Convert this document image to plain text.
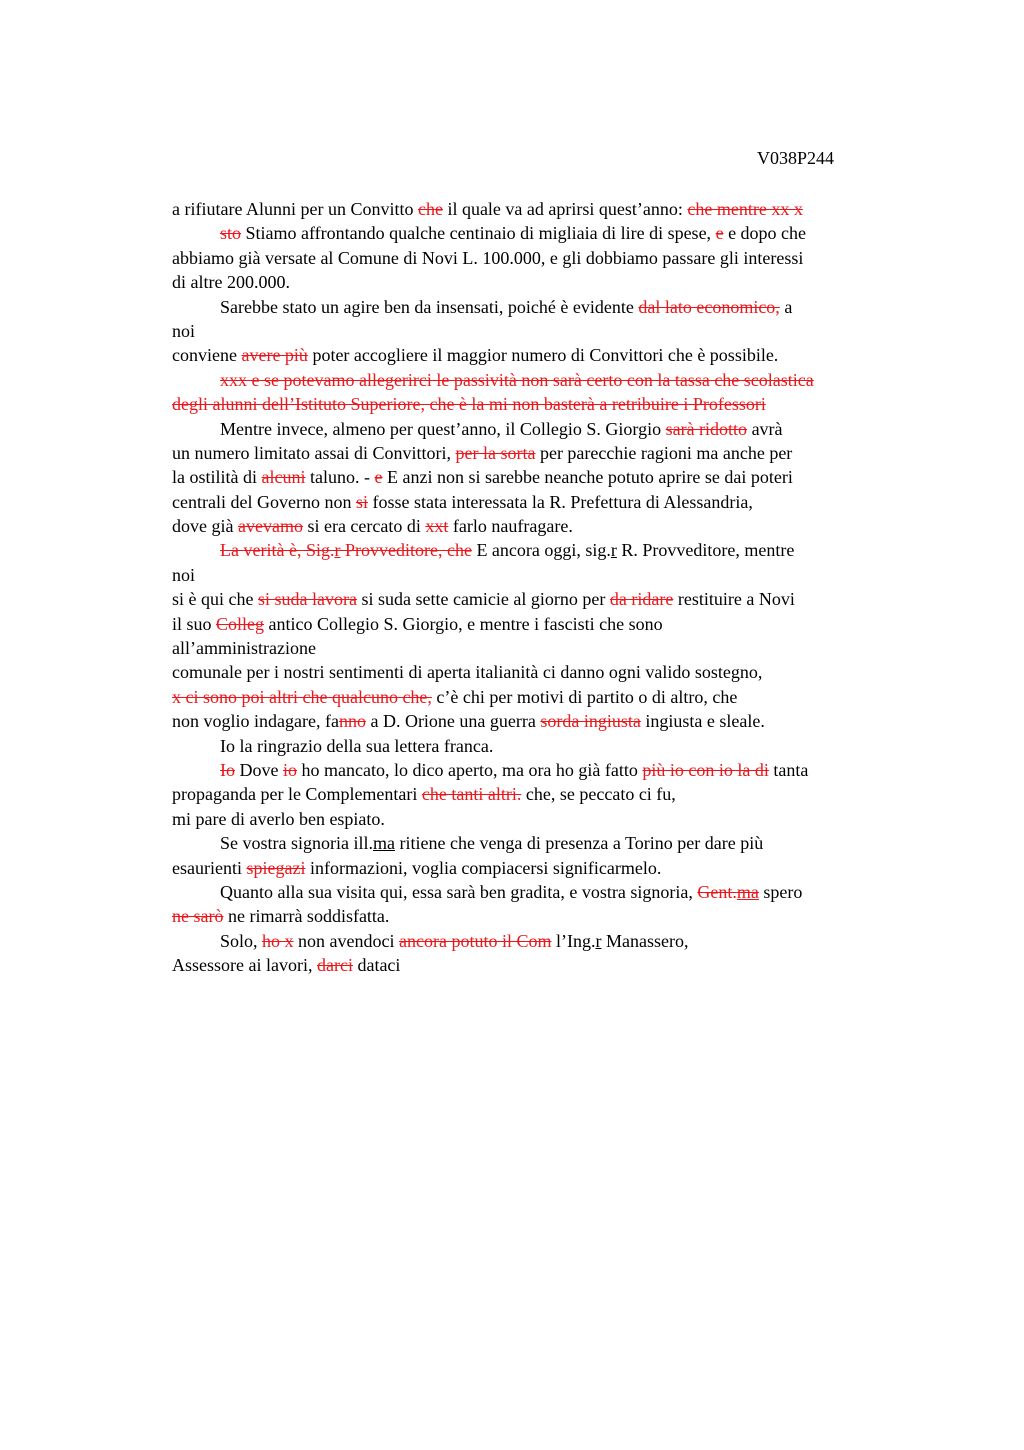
V038P244
a rifiutare Alunni per un Convitto che il quale va ad aprirsi quest’anno: che mentre xx x
sto Stiamo affrontando qualche centinaio di migliaia di lire di spese, e e dopo che
abbiamo già versate al Comune di Novi L. 100.000, e gli dobbiamo passare gli interessi
di altre 200.000.
Sarebbe stato un agire ben da insensati, poiché è evidente dal lato economico, a
noi
conviene avere più poter accogliere il maggior numero di Convittori che è possibile.
xxx e se potevamo allegerirci le passività non sarà certo con la tassa che scolastica
degli alunni dell’Istituto Superiore, che è la mi non basterà a retribuire i Professori
Mentre invece, almeno per quest’anno, il Collegio S. Giorgio sarà ridotto avrà
un numero limitato assai di Convittori, per la sorta per parecchie ragioni ma anche per
la ostilità di alcuni taluno. - e E anzi non si sarebbe neanche potuto aprire se dai poteri
centrali del Governo non si fosse stata interessata la R. Prefettura di Alessandria,
dove già avevamo si era cercato di xxt farlo naufragare.
La verità è, Sig.r Provveditore, che E ancora oggi, sig.r R. Provveditore, mentre
noi
si è qui che si suda lavora si suda sette camicie al giorno per da ridare restituire a Novi
il suo Colleg antico Collegio S. Giorgio, e mentre i fascisti che sono
all’amministrazione
comunale per i nostri sentimenti di aperta italianità ci danno ogni valido sostegno,
x ci sono poi altri che qualcuno che, c’è chi per motivi di partito o di altro, che
non voglio indagare, fanno a D. Orione una guerra sorda ingiusta ingiusta e sleale.
Io la ringrazio della sua lettera franca.
Io Dove io ho mancato, lo dico aperto, ma ora ho già fatto più io con io la di tanta
propaganda per le Complementari che tanti altri. che, se peccato ci fu,
mi pare di averlo ben espiato.
Se vostra signoria ill.ma ritiene che venga di presenza a Torino per dare più
esaurienti spiegazi informazioni, voglia compiacersi significarmelo.
Quanto alla sua visita qui, essa sarà ben gradita, e vostra signoria, Gent.ma spero
ne sarò ne rimarrà soddisfatta.
Solo, ho x non avendoci ancora potuto il Com l’Ing.r Manassero,
Assessore ai lavori, darci dataci
